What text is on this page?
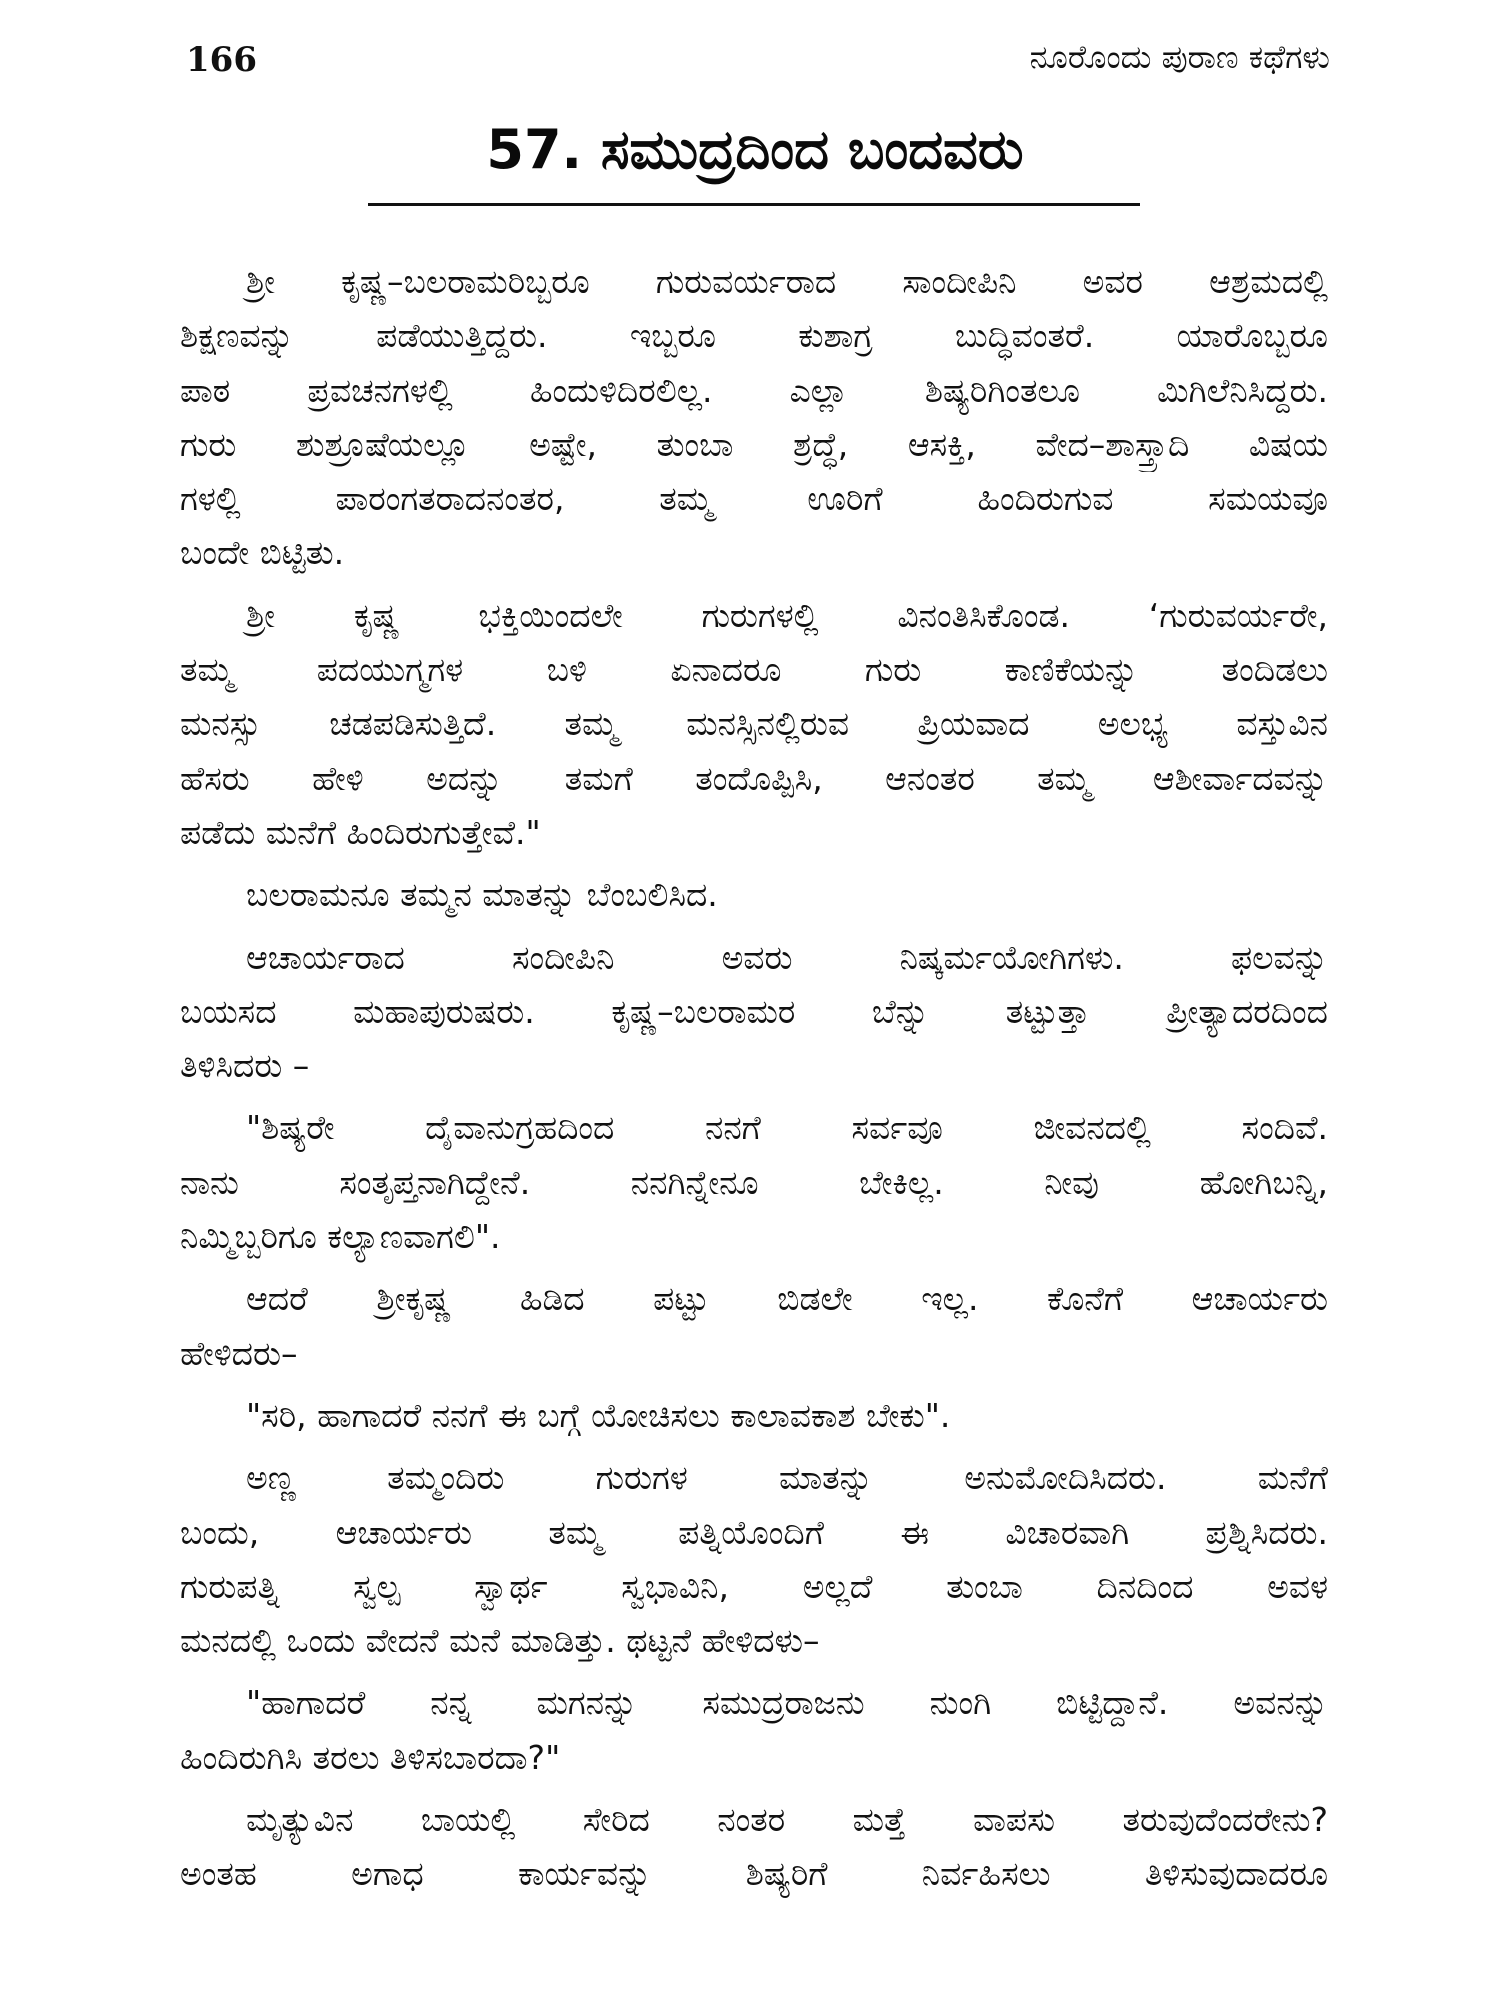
166	ನೂರೊಂದು ಪುರಾಣ ಕಥೆಗಳು
57. ಸಮುದ್ರದಿಂದ ಬಂದವರು
ಶ್ರೀ ಕೃಷ್ಣ–ಬಲರಾಮರಿಬ್ಬರೂ ಗುರುವರ್ಯರಾದ ಸಾಂದೀಪಿನಿ ಅವರ ಆಶ್ರಮದಲ್ಲಿ
ಶಿಕ್ಷಣವನ್ನು ಪಡೆಯುತ್ತಿದ್ದರು. ಇಬ್ಬರೂ ಕುಶಾಗ್ರ ಬುದ್ಧಿವಂತರೆ. ಯಾರೊಬ್ಬರೂ
ಪಾಠ ಪ್ರವಚನಗಳಲ್ಲಿ ಹಿಂದುಳಿದಿರಲಿಲ್ಲ. ಎಲ್ಲಾ ಶಿಷ್ಯರಿಗಿಂತಲೂ ಮಿಗಿಲೆನಿಸಿದ್ದರು.
ಗುರು ಶುಶ್ರೂಷೆಯಲ್ಲೂ ಅಷ್ಟೇ, ತುಂಬಾ ಶ್ರದ್ಧೆ, ಆಸಕ್ತಿ, ವೇದ–ಶಾಸ್ತ್ರಾದಿ ವಿಷಯ
ಗಳಲ್ಲಿ ಪಾರಂಗತರಾದನಂತರ, ತಮ್ಮ ಊರಿಗೆ ಹಿಂದಿರುಗುವ ಸಮಯವೂ
ಬಂದೇ ಬಿಟ್ಟಿತು.
ಶ್ರೀ ಕೃಷ್ಣ ಭಕ್ತಿಯಿಂದಲೇ ಗುರುಗಳಲ್ಲಿ ವಿನಂತಿಸಿಕೊಂಡ. ‘ಗುರುವರ್ಯರೇ,
ತಮ್ಮ ಪದಯುಗ್ಮಗಳ ಬಳಿ ಏನಾದರೂ ಗುರು ಕಾಣಿಕೆಯನ್ನು ತಂದಿಡಲು
ಮನಸ್ಸು ಚಡಪಡಿಸುತ್ತಿದೆ. ತಮ್ಮ ಮನಸ್ಸಿನಲ್ಲಿರುವ ಪ್ರಿಯವಾದ ಅಲಭ್ಯ ವಸ್ತುವಿನ
ಹೆಸರು ಹೇಳಿ ಅದನ್ನು ತಮಗೆ ತಂದೊಪ್ಪಿಸಿ, ಆನಂತರ ತಮ್ಮ ಆಶೀರ್ವಾದವನ್ನು
ಪಡೆದು ಮನೆಗೆ ಹಿಂದಿರುಗುತ್ತೇವೆ."
ಬಲರಾಮನೂ ತಮ್ಮನ ಮಾತನ್ನು ಬೆಂಬಲಿಸಿದ.
ಆಚಾರ್ಯರಾದ ಸಂದೀಪಿನಿ ಅವರು ನಿಷ್ಕರ್ಮಯೋಗಿಗಳು. ಫಲವನ್ನು
ಬಯಸದ ಮಹಾಪುರುಷರು. ಕೃಷ್ಣ–ಬಲರಾಮರ ಬೆನ್ನು ತಟ್ಟುತ್ತಾ ಪ್ರೀತ್ಯಾದರದಿಂದ
ತಿಳಿಸಿದರು –
"ಶಿಷ್ಯರೇ ದೈವಾನುಗ್ರಹದಿಂದ ನನಗೆ ಸರ್ವವೂ ಜೀವನದಲ್ಲಿ ಸಂದಿವೆ.
ನಾನು ಸಂತೃಪ್ತನಾಗಿದ್ದೇನೆ. ನನಗಿನ್ನೇನೂ ಬೇಕಿಲ್ಲ. ನೀವು ಹೋಗಿಬನ್ನಿ,
ನಿಮ್ಮಿಬ್ಬರಿಗೂ ಕಲ್ಯಾಣವಾಗಲಿ".
ಆದರೆ ಶ್ರೀಕೃಷ್ಣ ಹಿಡಿದ ಪಟ್ಟು ಬಿಡಲೇ ಇಲ್ಲ. ಕೊನೆಗೆ ಆಚಾರ್ಯರು
ಹೇಳಿದರು–
"ಸರಿ, ಹಾಗಾದರೆ ನನಗೆ ಈ ಬಗ್ಗೆ ಯೋಚಿಸಲು ಕಾಲಾವಕಾಶ ಬೇಕು".
ಅಣ್ಣ ತಮ್ಮಂದಿರು ಗುರುಗಳ ಮಾತನ್ನು ಅನುಮೋದಿಸಿದರು. ಮನೆಗೆ
ಬಂದು, ಆಚಾರ್ಯರು ತಮ್ಮ ಪತ್ನಿಯೊಂದಿಗೆ ಈ ವಿಚಾರವಾಗಿ ಪ್ರಶ್ನಿಸಿದರು.
ಗುರುಪತ್ನಿ ಸ್ವಲ್ಪ ಸ್ವಾರ್ಥ ಸ್ವಭಾವಿನಿ, ಅಲ್ಲದೆ ತುಂಬಾ ದಿನದಿಂದ ಅವಳ
ಮನದಲ್ಲಿ ಒಂದು ವೇದನೆ ಮನೆ ಮಾಡಿತ್ತು. ಥಟ್ಟನೆ ಹೇಳಿದಳು–
"ಹಾಗಾದರೆ ನನ್ನ ಮಗನನ್ನು ಸಮುದ್ರರಾಜನು ನುಂಗಿ ಬಿಟ್ಟಿದ್ದಾನೆ. ಅವನನ್ನು
ಹಿಂದಿರುಗಿಸಿ ತರಲು ತಿಳಿಸಬಾರದಾ?"
ಮೃತ್ಯುವಿನ ಬಾಯಲ್ಲಿ ಸೇರಿದ ನಂತರ ಮತ್ತೆ ವಾಪಸು ತರುವುದೆಂದರೇನು?
ಅಂತಹ ಅಗಾಧ ಕಾರ್ಯವನ್ನು ಶಿಷ್ಯರಿಗೆ ನಿರ್ವಹಿಸಲು ತಿಳಿಸುವುದಾದರೂ
